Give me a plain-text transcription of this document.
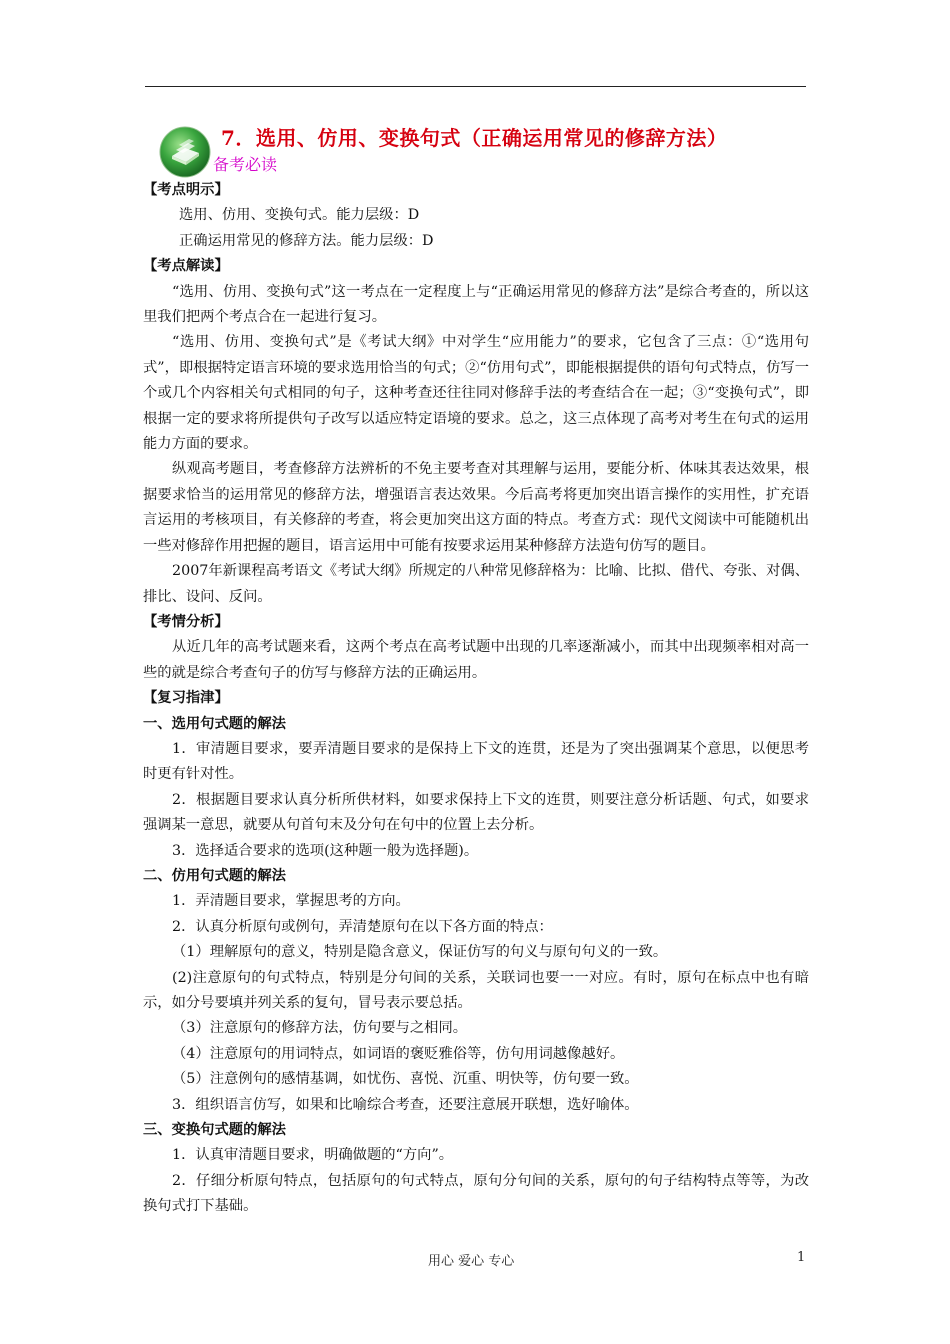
7．选用、仿用、变换句式（正确运用常见的修辞方法）
备考必读

【考点明示】

选用、仿用、变换句式。能力层级：D

正确运用常见的修辞方法。能力层级：D

【考点解读】

“选用、仿用、变换句式”这一考点在一定程度上与“正确运用常见的修辞方法”是综合考查的，所以这里我们把两个考点合在一起进行复习。

“选用、仿用、变换句式”是《考试大纲》中对学生“应用能力”的要求，它包含了三点：①“选用句式”，即根据特定语言环境的要求选用恰当的句式；②“仿用句式”，即能根据提供的语句句式特点，仿写一个或几个内容相关句式相同的句子，这种考查还往往同对修辞手法的考查结合在一起；③“变换句式”，即根据一定的要求将所提供句子改写以适应特定语境的要求。总之，这三点体现了高考对考生在句式的运用能力方面的要求。

纵观高考题目，考查修辞方法辨析的不免主要考查对其理解与运用，要能分析、体味其表达效果，根据要求恰当的运用常见的修辞方法，增强语言表达效果。今后高考将更加突出语言操作的实用性，扩充语言运用的考核项目，有关修辞的考查，将会更加突出这方面的特点。考查方式：现代文阅读中可能随机出一些对修辞作用把握的题目，语言运用中可能有按要求运用某种修辞方法造句仿写的题目。

2007年新课程高考语文《考试大纲》所规定的八种常见修辞格为：比喻、比拟、借代、夸张、对偶、排比、设问、反问。

【考情分析】

从近几年的高考试题来看，这两个考点在高考试题中出现的几率逐渐减小，而其中出现频率相对高一些的就是综合考查句子的仿写与修辞方法的正确运用。

【复习指津】

一、选用句式题的解法

1．审清题目要求，要弄清题目要求的是保持上下文的连贯，还是为了突出强调某个意思，以便思考时更有针对性。

2．根据题目要求认真分析所供材料，如要求保持上下文的连贯，则要注意分析话题、句式，如要求强调某一意思，就要从句首句末及分句在句中的位置上去分析。

3．选择适合要求的选项(这种题一般为选择题)。

二、仿用句式题的解法

1．弄清题目要求，掌握思考的方向。

2．认真分析原句或例句，弄清楚原句在以下各方面的特点：

（1）理解原句的意义，特别是隐含意义，保证仿写的句义与原句句义的一致。

(2)注意原句的句式特点，特别是分句间的关系，关联词也要一一对应。有时，原句在标点中也有暗示，如分号要填并列关系的复句，冒号表示要总括。

（3）注意原句的修辞方法，仿句要与之相同。

（4）注意原句的用词特点，如词语的褒贬雅俗等，仿句用词越像越好。

（5）注意例句的感情基调，如忧伤、喜悦、沉重、明快等，仿句要一致。

3．组织语言仿写，如果和比喻综合考查，还要注意展开联想，选好喻体。

三、变换句式题的解法

1．认真审清题目要求，明确做题的“方向”。

2．仔细分析原句特点，包括原句的句式特点，原句分句间的关系，原句的句子结构特点等等，为改换句式打下基础。

用心 爱心 专心	1
